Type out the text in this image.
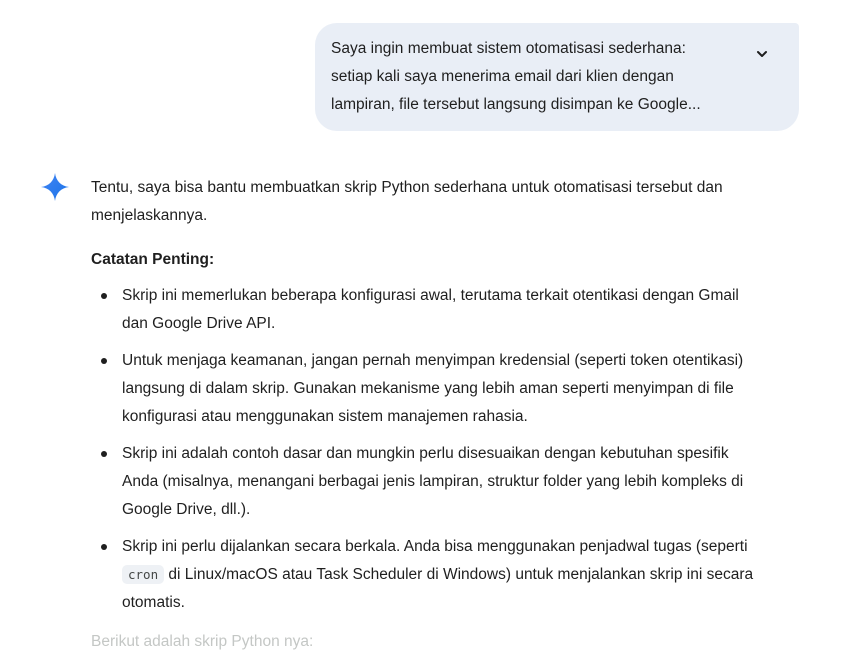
Saya ingin membuat sistem otomatisasi sederhana:
setiap kali saya menerima email dari klien dengan
lampiran, file tersebut langsung disimpan ke Google...

Tentu, saya bisa bantu membuatkan skrip Python sederhana untuk otomatisasi tersebut dan

menjelaskannya.

Catatan Penting:
Skrip ini memerlukan beberapa konfigurasi awal, terutama terkait otentikasi dengan Gmail
dan Google Drive API.
Untuk menjaga keamanan, jangan pernah menyimpan kredensial (seperti token otentikasi)
langsung di dalam skrip. Gunakan mekanisme yang lebih aman seperti menyimpan di file
konfigurasi atau menggunakan sistem manajemen rahasia.
Skrip ini adalah contoh dasar dan mungkin perlu disesuaikan dengan kebutuhan spesifik
Anda (misalnya, menangani berbagai jenis lampiran, struktur folder yang lebih kompleks di
Google Drive, dll.).
Skrip ini perlu dijalankan secara berkala. Anda bisa menggunakan penjadwal tugas (seperti
cron di Linux/macOS atau Task Scheduler di Windows) untuk menjalankan skrip ini secara
otomatis.
Berikut adalah skrip Python nya:
